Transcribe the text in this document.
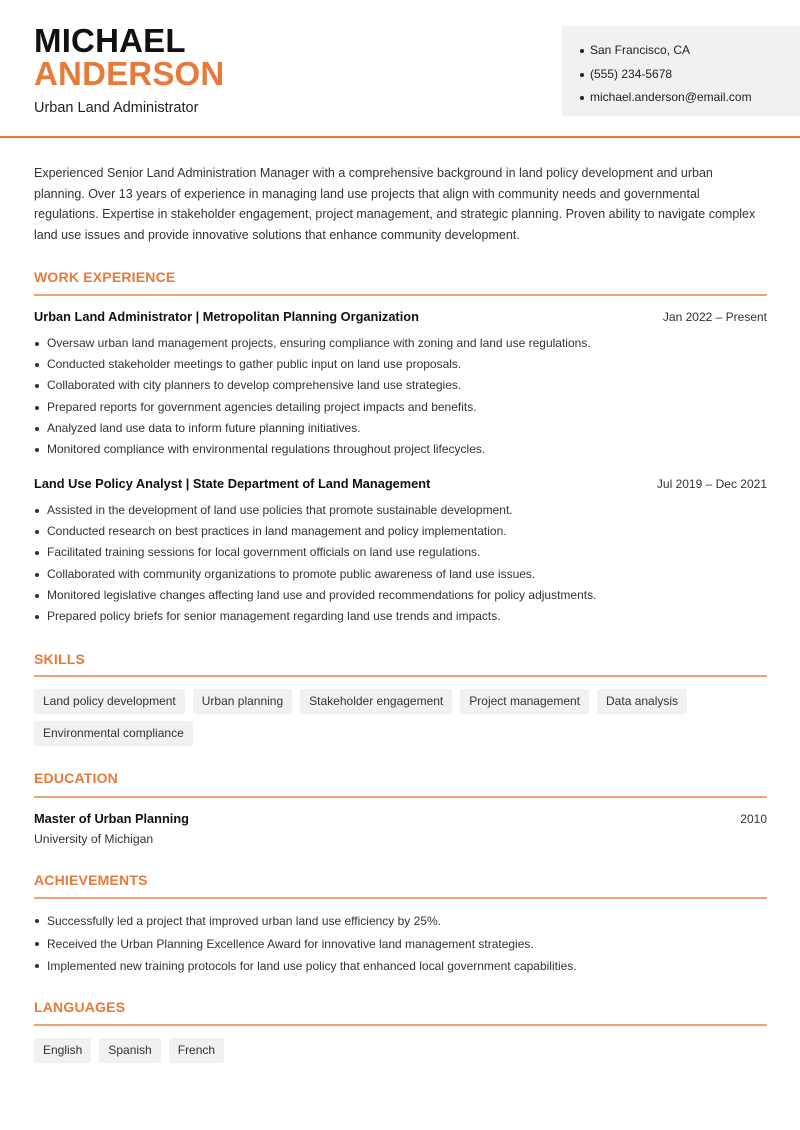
MICHAEL
ANDERSON
Urban Land Administrator
San Francisco, CA
(555) 234-5678
michael.anderson@email.com

Experienced Senior Land Administration Manager with a comprehensive background in land policy development and urban planning. Over 13 years of experience in managing land use projects that align with community needs and governmental regulations. Expertise in stakeholder engagement, project management, and strategic planning. Proven ability to navigate complex land use issues and provide innovative solutions that enhance community development.

WORK EXPERIENCE
Urban Land Administrator | Metropolitan Planning Organization	Jan 2022 – Present
Oversaw urban land management projects, ensuring compliance with zoning and land use regulations.
Conducted stakeholder meetings to gather public input on land use proposals.
Collaborated with city planners to develop comprehensive land use strategies.
Prepared reports for government agencies detailing project impacts and benefits.
Analyzed land use data to inform future planning initiatives.
Monitored compliance with environmental regulations throughout project lifecycles.
Land Use Policy Analyst | State Department of Land Management	Jul 2019 – Dec 2021
Assisted in the development of land use policies that promote sustainable development.
Conducted research on best practices in land management and policy implementation.
Facilitated training sessions for local government officials on land use regulations.
Collaborated with community organizations to promote public awareness of land use issues.
Monitored legislative changes affecting land use and provided recommendations for policy adjustments.
Prepared policy briefs for senior management regarding land use trends and impacts.
SKILLS
Land policy development	Urban planning	Stakeholder engagement	Project management	Data analysis
Environmental compliance
EDUCATION
Master of Urban Planning	2010
University of Michigan
ACHIEVEMENTS
Successfully led a project that improved urban land use efficiency by 25%.
Received the Urban Planning Excellence Award for innovative land management strategies.
Implemented new training protocols for land use policy that enhanced local government capabilities.
LANGUAGES
English	Spanish	French
